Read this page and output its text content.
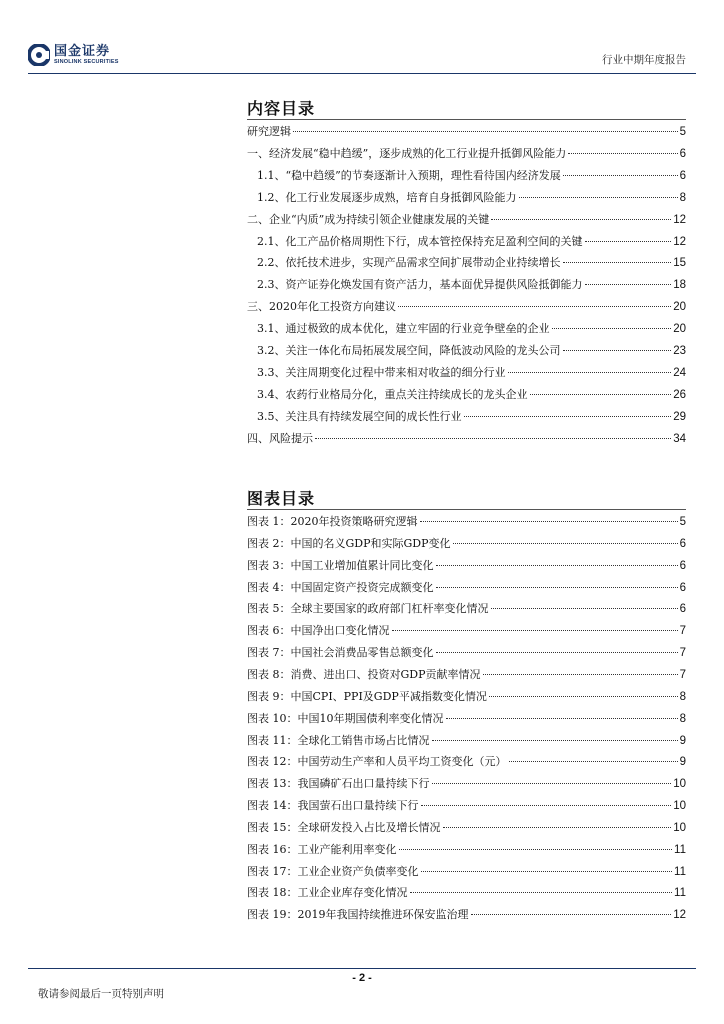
国金证券
SINOLINK SECURITIES	行业中期年度报告
内容目录
研究逻辑	5
一、经济发展“稳中趋缓”，逐步成熟的化工行业提升抵御风险能力	6
1.1、“稳中趋缓”的节奏逐渐计入预期，理性看待国内经济发展	6
1.2、化工行业发展逐步成熟，培育自身抵御风险能力	8
二、企业“内质”成为持续引领企业健康发展的关键	12
2.1、化工产品价格周期性下行，成本管控保持充足盈利空间的关键	12
2.2、依托技术进步，实现产品需求空间扩展带动企业持续增长	15
2.3、资产证券化焕发国有资产活力，基本面优异提供风险抵御能力	18
三、2020年化工投资方向建议	20
3.1、通过极致的成本优化，建立牢固的行业竞争壁垒的企业	20
3.2、关注一体化布局拓展发展空间，降低波动风险的龙头公司	23
3.3、关注周期变化过程中带来相对收益的细分行业	24
3.4、农药行业格局分化，重点关注持续成长的龙头企业	26
3.5、关注具有持续发展空间的成长性行业	29
四、风险提示	34
图表目录
图表 1：2020年投资策略研究逻辑	5
图表 2：中国的名义GDP和实际GDP变化	6
图表 3：中国工业增加值累计同比变化	6
图表 4：中国固定资产投资完成额变化	6
图表 5：全球主要国家的政府部门杠杆率变化情况	6
图表 6：中国净出口变化情况	7
图表 7：中国社会消费品零售总额变化	7
图表 8：消费、进出口、投资对GDP贡献率情况	7
图表 9：中国CPI、PPI及GDP平减指数变化情况	8
图表 10：中国10年期国债利率变化情况	8
图表 11：全球化工销售市场占比情况	9
图表 12：中国劳动生产率和人员平均工资变化（元）	9
图表 13：我国磷矿石出口量持续下行	10
图表 14：我国萤石出口量持续下行	10
图表 15：全球研发投入占比及增长情况	10
图表 16：工业产能利用率变化	11
图表 17：工业企业资产负债率变化	11
图表 18：工业企业库存变化情况	11
图表 19：2019年我国持续推进环保安监治理	12
- 2 -
敬请参阅最后一页特别声明
